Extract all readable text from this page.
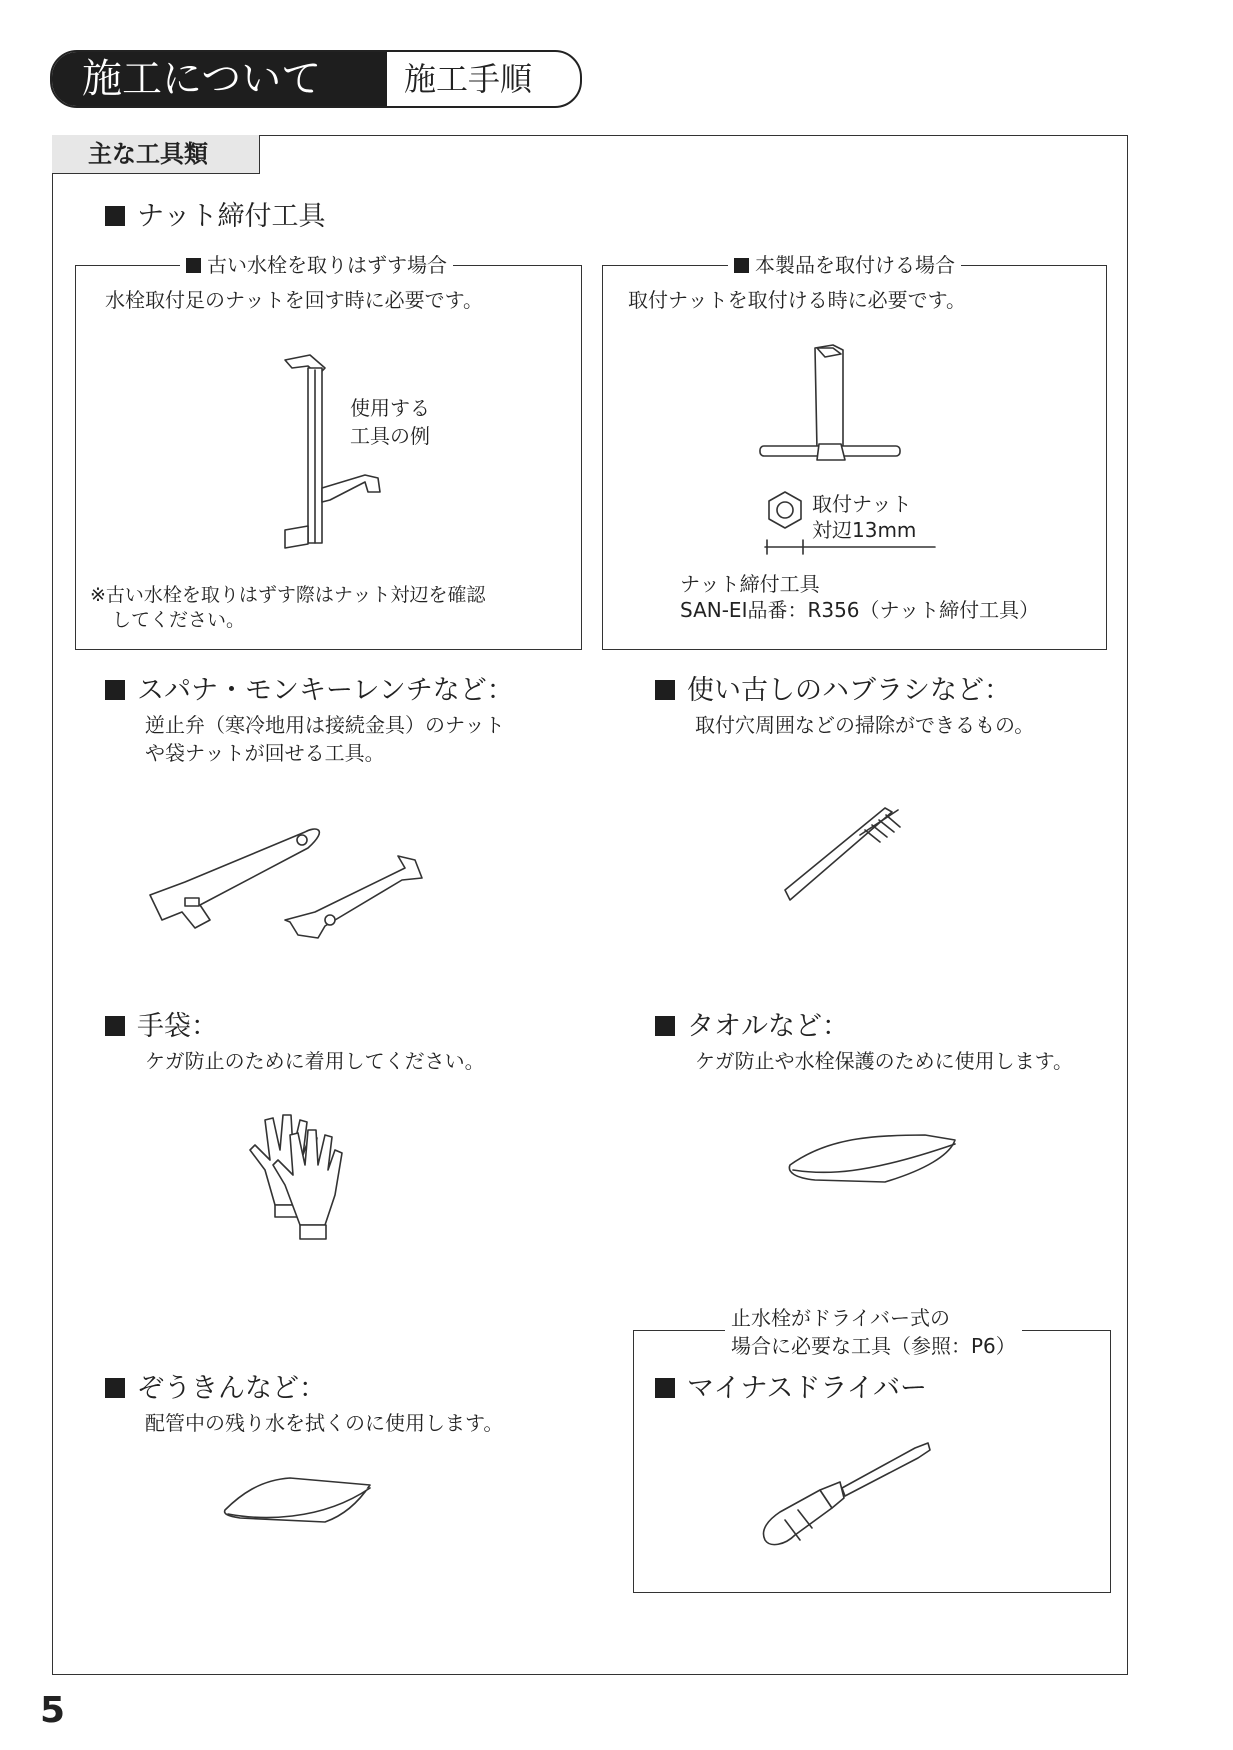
施工について	施工手順
主な工具類
ナット締付工具
古い水栓を取りはずす場合
水栓取付足のナットを回す時に必要です。
使用する
工具の例
※古い水栓を取りはずす際はナット対辺を確認
してください。
本製品を取付ける場合
取付ナットを取付ける時に必要です。
取付ナット
対辺13mm
ナット締付工具
SAN-EI品番：R356（ナット締付工具）
スパナ・モンキーレンチなど：
逆止弁（寒冷地用は接続金具）のナット
や袋ナットが回せる工具。
使い古しのハブラシなど：
取付穴周囲などの掃除ができるもの。
手袋：
ケガ防止のために着用してください。
タオルなど：
ケガ防止や水栓保護のために使用します。
ぞうきんなど：
配管中の残り水を拭くのに使用します。
止水栓がドライバー式の
場合に必要な工具（参照：P6）
マイナスドライバー
5
